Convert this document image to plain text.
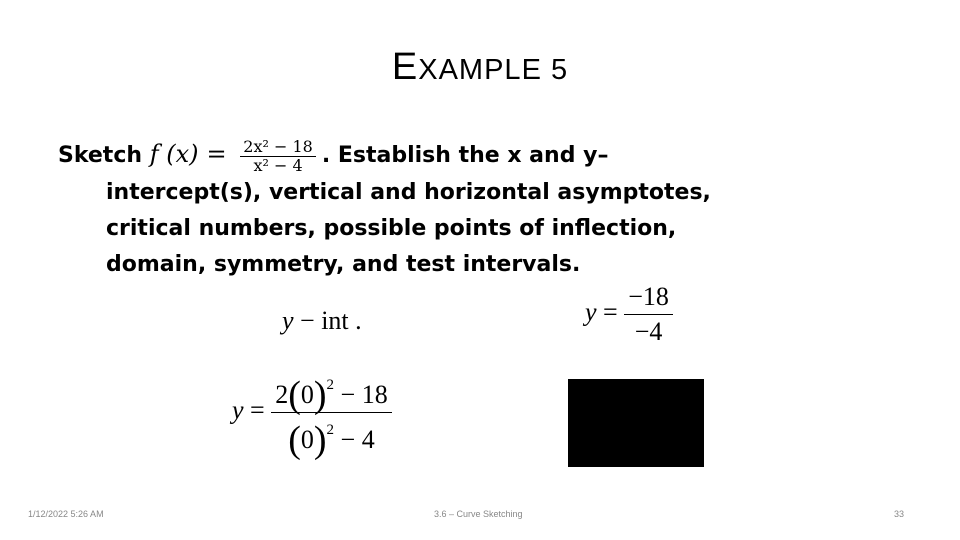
EXAMPLE 5
Sketch f $(x) = \frac{\text{2x² − 18}}{\text{x² − 4}}$ . Establish the x and y–
intercept(s), vertical and horizontal asymptotes,
critical numbers, possible points of inflection,
domain, symmetry, and test intervals.
y − int .
$y = \frac{2(0)^2 - 18}{(0)^2 - 4}$
$y = \frac{-18}{-4}$
y = (0, $\frac{9}{2}$ )
1/12/2022 5:26 AM	3.6 – Curve Sketching	33
